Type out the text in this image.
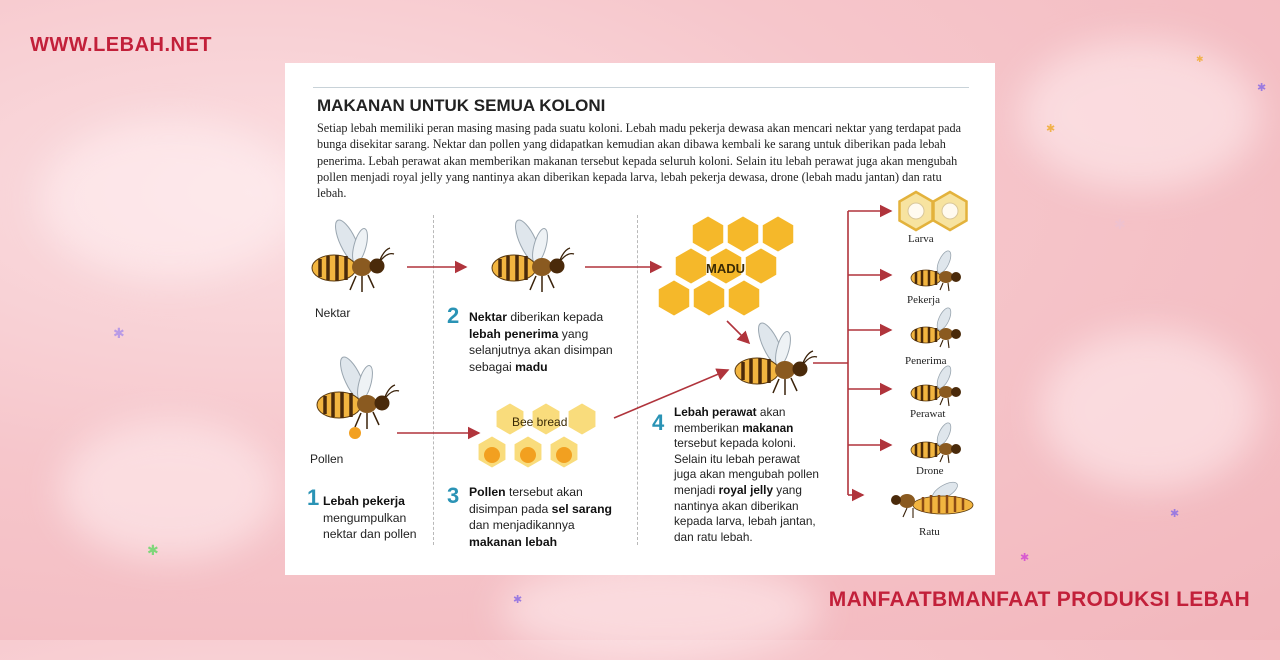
✱
✱
✱
✱
✱
✱
✱
✱
✱
WWW.LEBAH.NET
MANFAATBMANFAAT PRODUKSI LEBAH
MAKANAN UNTUK SEMUA KOLONI

Setiap lebah memiliki peran masing masing pada suatu koloni. Lebah madu pekerja dewasa akan mencari nektar yang terdapat pada bunga disekitar sarang. Nektar dan pollen yang didapatkan kemudian akan dibawa kembali ke sarang untuk diberikan pada lebah penerima. Lebah perawat akan memberikan makanan tersebut kepada seluruh koloni. Selain itu lebah perawat juga akan mengubah pollen menjadi royal jelly yang nantinya akan diberikan kepada larva, lebah pekerja dewasa, drone (lebah madu jantan) dan ratu lebah.

MADU
Bee bread
Nektar
Pollen
1 Lebah pekerja
mengumpulkan
nektar dan pollen

2 Nektar diberikan kepada
lebah penerima yang
selanjutnya akan disimpan
sebagai madu

3 Pollen tersebut akan
disimpan pada sel sarang
dan menjadikannya
makanan lebah

4 Lebah perawat akan
memberikan makanan
tersebut kepada koloni.
Selain itu lebah perawat
juga akan mengubah pollen
menjadi royal jelly yang
nantinya akan diberikan
kepada larva, lebah jantan,
dan ratu lebah.

Larva
Pekerja
Penerima
Perawat
Drone
Ratu
